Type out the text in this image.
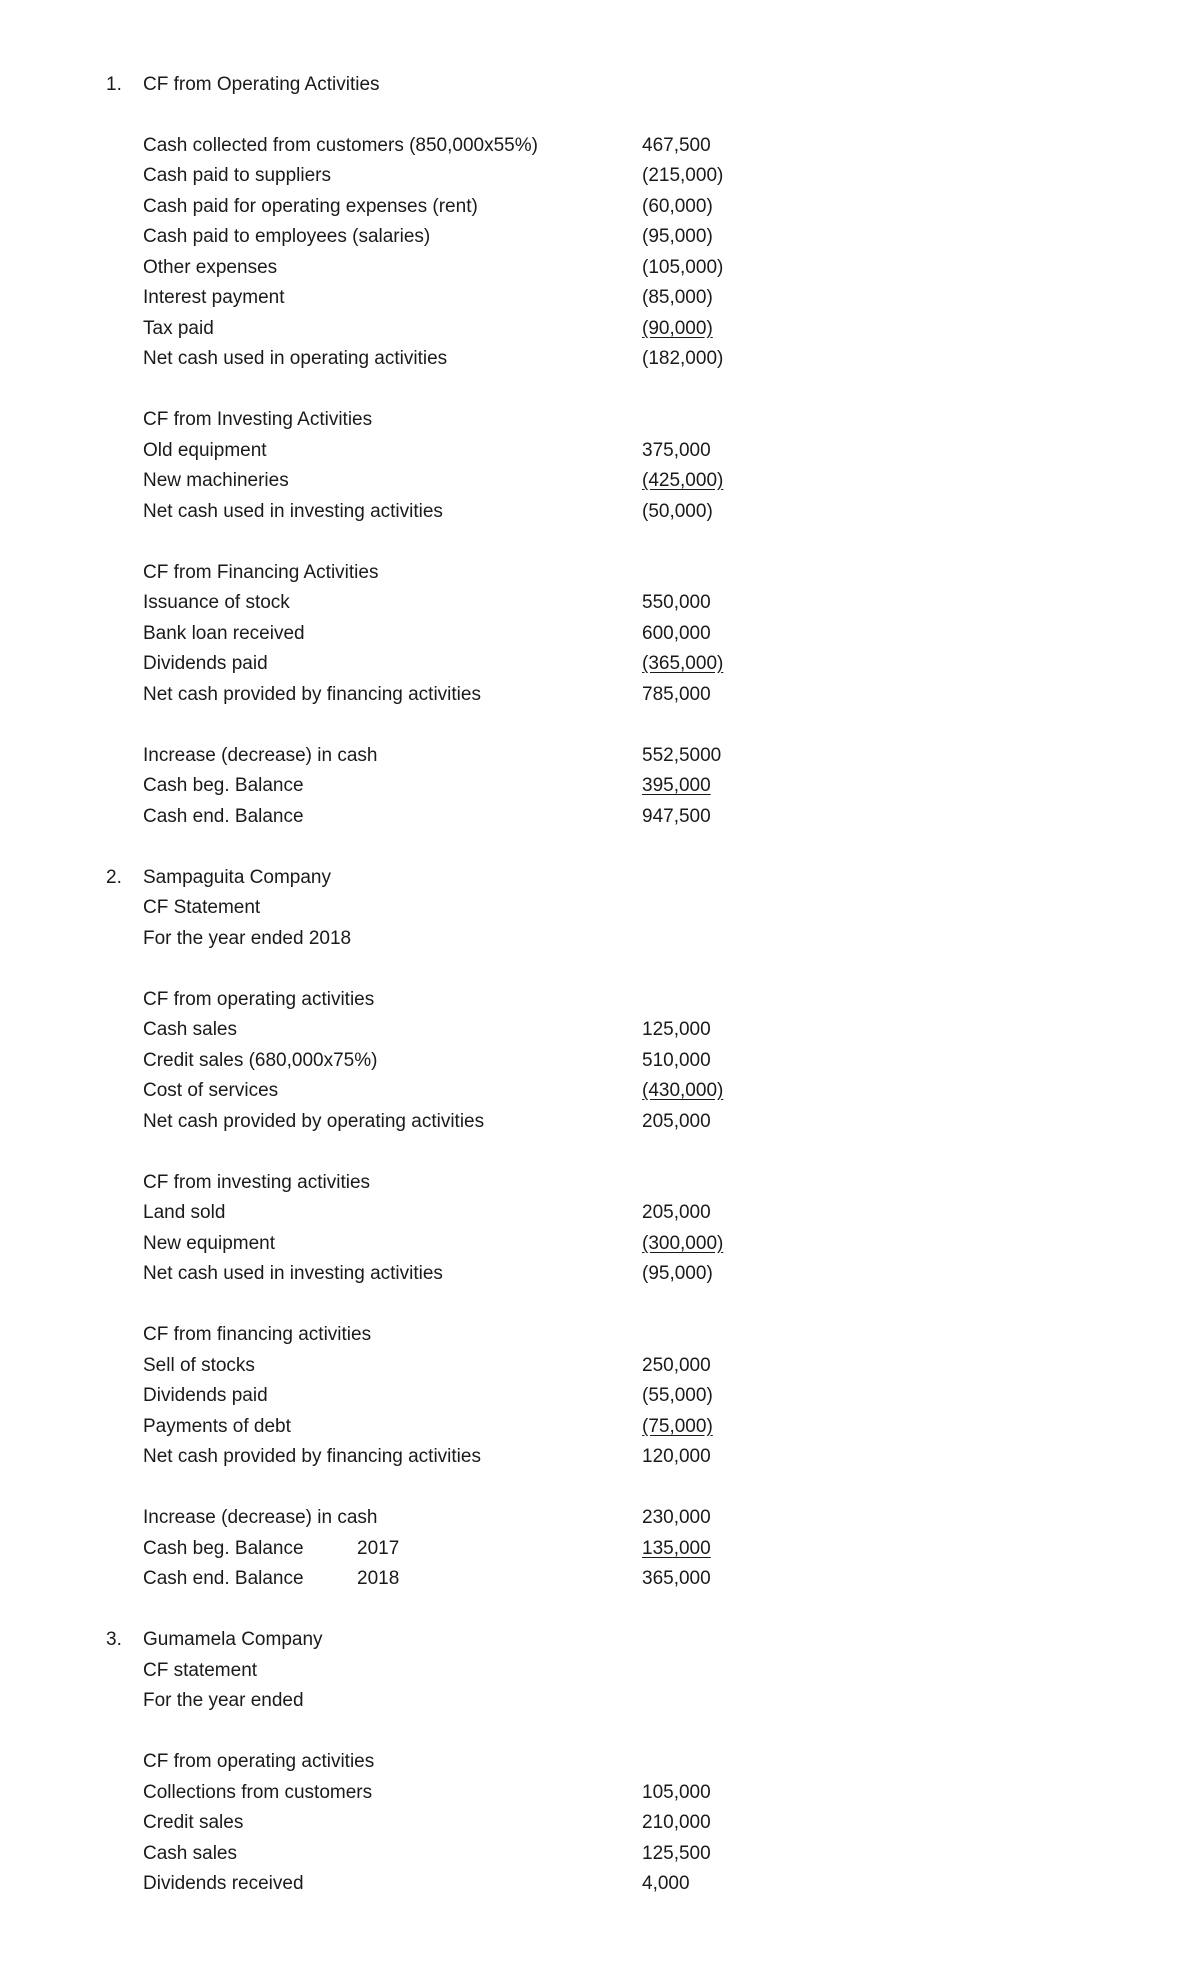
1. CF from Operating Activities
Cash collected from customers (850,000x55%)	467,500
Cash paid to suppliers	(215,000)
Cash paid for operating expenses (rent)	(60,000)
Cash paid to employees (salaries)	(95,000)
Other expenses	(105,000)
Interest payment	(85,000)
Tax paid	(90,000)
Net cash used in operating activities	(182,000)
CF from Investing Activities
Old equipment	375,000
New machineries	(425,000)
Net cash used in investing activities	(50,000)
CF from Financing Activities
Issuance of stock	550,000
Bank loan received	600,000
Dividends paid	(365,000)
Net cash provided by financing activities	785,000
Increase (decrease) in cash	552,5000
Cash beg. Balance	395,000
Cash end. Balance	947,500
2. Sampaguita Company
CF Statement
For the year ended 2018
CF from operating activities
Cash sales	125,000
Credit sales (680,000x75%)	510,000
Cost of services	(430,000)
Net cash provided by operating activities	205,000
CF from investing activities
Land sold	205,000
New equipment	(300,000)
Net cash used in investing activities	(95,000)
CF from financing activities
Sell of stocks	250,000
Dividends paid	(55,000)
Payments of debt	(75,000)
Net cash provided by financing activities	120,000
Increase (decrease) in cash	230,000
Cash beg. Balance	2017	135,000
Cash end. Balance	2018	365,000
3. Gumamela Company
CF statement
For the year ended
CF from operating activities
Collections from customers	105,000
Credit sales	210,000
Cash sales	125,500
Dividends received	4,000
